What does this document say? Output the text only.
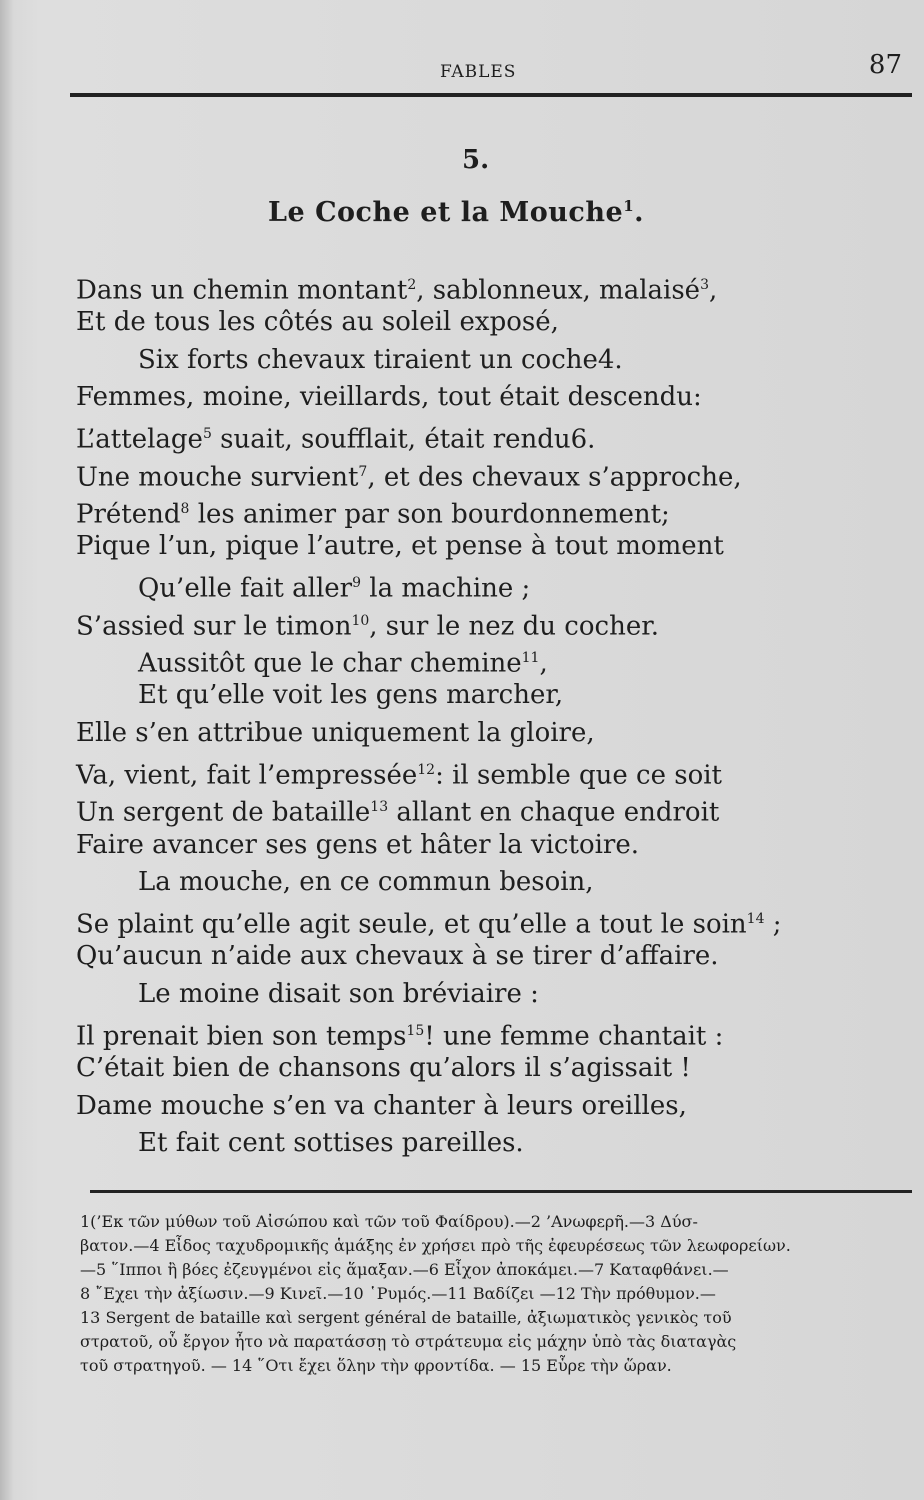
FABLES	87
5.
Le Coche et la Mouche$^1$.
Dans un chemin montant$^2$, sablonneux, malaisé$^3$,
Et de tous les côtés au soleil exposé,
Six forts chevaux tiraient un coche4.
Femmes, moine, vieillards, tout était descendu:
L’attelage$^5$ suait, soufflait, était rendu6.
Une mouche survient$^7$, et des chevaux s’approche,
Prétend$^8$ les animer par son bourdonnement;
Pique l’un, pique l’autre, et pense à tout moment
Qu’elle fait aller$^9$ la machine ;
S’assied sur le timon$^{10}$, sur le nez du cocher.
Aussitôt que le char chemine$^{11}$,
Et qu’elle voit les gens marcher,
Elle s’en attribue uniquement la gloire,
Va, vient, fait l’empressée$^{12}$: il semble que ce soit
Un sergent de bataille$^{13}$ allant en chaque endroit
Faire avancer ses gens et hâter la victoire.
La mouche, en ce commun besoin,
Se plaint qu’elle agit seule, et qu’elle a tout le soin$^{14}$ ;
Qu’aucun n’aide aux chevaux à se tirer d’affaire.
Le moine disait son bréviaire :
Il prenait bien son temps$^{15}$! une femme chantait :
C’était bien de chansons qu’alors il s’agissait !
Dame mouche s’en va chanter à leurs oreilles,
Et fait cent sottises pareilles.
1(’Εκ τῶν μύθων τοῦ Αἰσώπου καὶ τῶν τοῦ Φαίδρου).—2 ’Ανωφερῆ.—3 Δύσ-
βατον.—4 Εἶδος ταχυδρομικῆς ἁμάξης ἐν χρήσει πρὸ τῆς ἐφευρέσεως τῶν λεωφορείων.
—5 ῞Ιπποι ἢ βόες ἐζευγμένοι εἰς ἅμαξαν.—6 Εἶχον ἀποκάμει.—7 Καταφθάνει.—
8 ῎Εχει τὴν ἀξίωσιν.—9 Κινεῖ.—10 ῾Ρυμός.—11 Βαδίζει —12 Τὴν πρόθυμον.—
13 Sergent de bataille καὶ sergent général de bataille, ἀξιωματικὸς γενικὸς τοῦ
στρατοῦ, οὗ ἔργον ἦτο νὰ παρατάσσῃ τὸ στράτευμα εἰς μάχην ὑπὸ τὰς διαταγὰς
τοῦ στρατηγοῦ. — 14 ῞Οτι ἔχει ὅλην τὴν φροντίδα. — 15 Εὗρε τὴν ὥραν.
